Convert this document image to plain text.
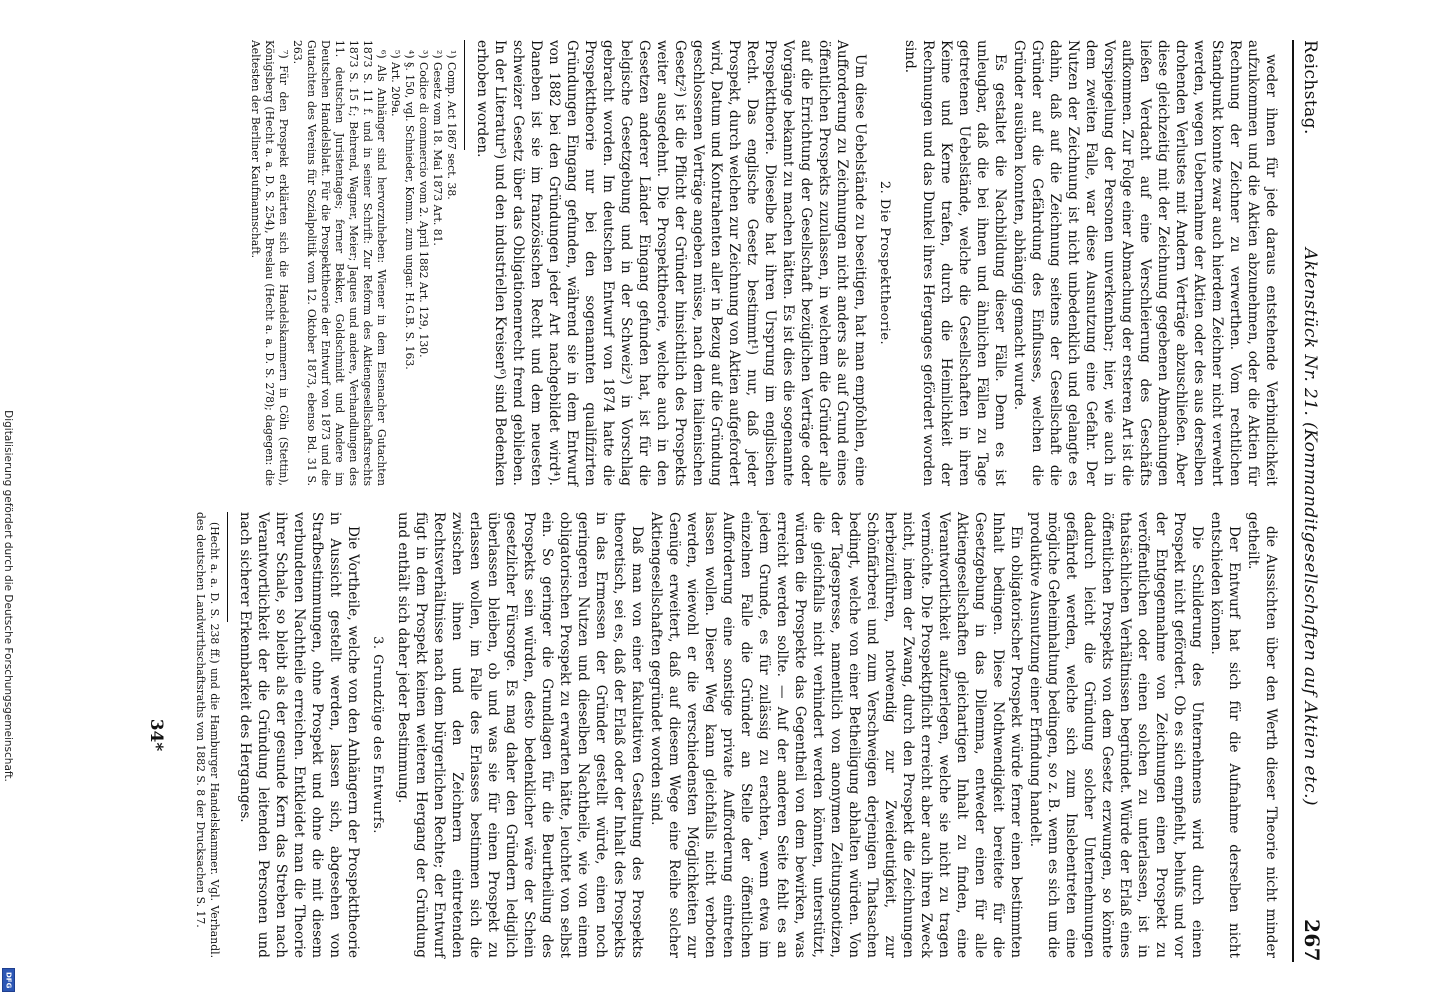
Digitalisierung gefördert durch die Deutsche Forschungsgemeinschaft.
DFG
Reichstag.
Aktenstück Nr. 21. (Kommanditgesellschaften auf Aktien etc.)
267

weder ihnen für jede daraus entstehende Verbindlichkeit aufzukommen und die Aktien abzunehmen, oder die Aktien für Rechnung der Zeichner zu verwerthen. Vom rechtlichen Standpunkt konnte zwar auch hierdem Zeichner nicht verwehrt werden, wegen Uebernahme der Aktien oder des aus derselben drohenden Verlustes mit Andern Verträge abzuschließen. Aber diese gleichzeitig mit der Zeichnung gegebenen Abmachungen ließen Verdacht auf eine Verschleierung des Geschäfts aufkommen. Zur Folge einer Abmachung der ersteren Art ist die Vorspiegelung der Personen unverkennbar; hier, wie auch in dem zweiten Falle, war diese Ausnutzung eine Gefahr. Der Nutzen der Zeichnung ist nicht unbedenklich und gelangte es dahin, daß auf die Zeichnung seitens der Gesellschaft die Gründer auf die Gefährdung des Einflusses, welchen die Gründer ausüben konnten, abhängig gemacht wurde.

Es gestaltet die Nachbildung dieser Fälle. Denn es ist unleugbar, daß die bei ihnen und ähnlichen Fällen zu Tage getretenen Uebelstände, welche die Gesellschaften in ihren Keime und Kerne trafen, durch die Heimlichkeit der Rechnungen und das Dunkel ihres Herganges gefördert worden sind.

2. Die Prospekttheorie.

Um diese Uebelstände zu beseitigen, hat man empfohlen, eine Aufforderung zu Zeichnungen nicht anders als auf Grund eines öffentlichen Prospekts zuzulassen, in welchem die Gründer alle auf die Errichtung der Gesellschaft bezüglichen Verträge oder Vorgänge bekannt zu machen hätten. Es ist dies die sogenannte Prospekttheorie. Dieselbe hat ihren Ursprung im englischen Recht. Das englische Gesetz bestimmt¹) nur, daß jeder Prospekt, durch welchen zur Zeichnung von Aktien aufgefordert wird, Datum und Kontrahenten aller in Bezug auf die Gründung geschlossenen Verträge angeben müsse, nach dem italienischen Gesetz²) ist die Pflicht der Gründer hinsichtlich des Prospekts weiter ausgedehnt. Die Prospekttheorie, welche auch in den Gesetzen anderer Länder Eingang gefunden hat, ist für die belgische Gesetzgebung und in der Schweiz³) in Vorschlag gebracht worden. Im deutschen Entwurf von 1874 hatte die Prospekttheorie nur bei den sogenannten qualifizirten Gründungen Eingang gefunden, während sie in dem Entwurf von 1882 bei den Gründungen jeder Art nachgebildet wird⁴). Daneben ist sie im französischen Recht und dem neuesten schweizer Gesetz über das Obligationenrecht fremd geblieben. In der Literatur⁵) und den industriellen Kreisen⁶) sind Bedenken erhoben worden.

¹) Comp. Act 1867 sect. 38.

²) Gesetz vom 18. Mai 1873 Art. 81.

³) Codice di commercio vom 2. April 1882 Art. 129, 130.

⁴) §. 150, vgl. Schnieder, Komm. zum ungar. H.G.B. S. 163.

⁵) Art. 209a.

⁶) Als Anhänger sind hervorzuheben: Wiener in dem Eisenacher Gutachten 1873 S. 11 f. und in seiner Schrift: Zur Reform des Aktiengesellschaftsrechts 1873 S. 15 f.; Behrend, Wagner, Meier; Jaques und andere, Verhandlungen des 11. deutschen Juristentages; ferner Bekker, Goldschmidt und Andere im Deutschen Handelsblatt. Für die Prospekttheorie der Entwurf von 1873 und die Gutachten des Vereins für Sozialpolitik vom 12. Oktober 1873, ebenso Bd. 31 S. 263.

⁷) Für den Prospekt erklärten sich die Handelskammern in Cöln (Stettin), Königsberg (Hecht a. a. D. S. 254), Breslau (Hecht a. a. D. S. 278); dagegen: die Aeltesten der Berliner Kaufmannschaft.

die Aussichten über den Werth dieser Theorie nicht minder getheilt.

Der Entwurf hat sich für die Aufnahme derselben nicht entschieden können.

Die Schilderung des Unternehmens wird durch einen Prospekt nicht gefördert. Ob es sich empfiehlt, behufs und vor der Entgegennahme von Zeichnungen einen Prospekt zu veröffentlichen oder einen solchen zu unterlassen, ist in thatsächlichen Verhältnissen begründet. Würde der Erlaß eines öffentlichen Prospekts von dem Gesetz erzwungen, so könnte dadurch leicht die Gründung solcher Unternehmungen gefährdet werden, welche sich zum Inslebentreten eine mögliche Geheimhaltung bedingen, so z. B. wenn es sich um die produktive Ausnutzung einer Erfindung handelt.

Ein obligatorischer Prospekt würde ferner einen bestimmten Inhalt bedingen. Diese Nothwendigkeit bereitete für die Gesetzgebung in das Dilemma, entweder einen für alle Aktiengesellschaften gleichartigen Inhalt zu finden, eine Verantwortlichkeit aufzuerlegen, welche sie nicht zu tragen vermöchte. Die Prospektpflicht erreicht aber auch ihren Zweck nicht, indem der Zwang, durch den Prospekt die Zeichnungen herbeizuführen, notwendig zur Zweideutigkeit, zur Schönfärberei und zum Verschweigen derjenigen Thatsachen bedingt, welche von einer Betheiligung abhalten würden. Von der Tagespresse, namentlich von anonymen Zeitungsnotizen, die gleichfalls nicht verhindert werden könnten, unterstützt, würden die Prospekte das Gegentheil von dem bewirken, was erreicht werden sollte. — Auf der anderen Seite fehlt es an jedem Grunde, es für zulässig zu erachten, wenn etwa im einzelnen Falle die Gründer an Stelle der öffentlichen Aufforderung eine sonstige private Aufforderung eintreten lassen wollen. Dieser Weg kann gleichfalls nicht verboten werden, wiewohl er die verschiedensten Möglichkeiten zur Genüge erweitert, daß auf diesem Wege eine Reihe solcher Aktiengesellschaften gegründet worden sind.

Daß man von einer fakultativen Gestaltung des Prospekts theoretisch, sei es, daß der Erlaß oder der Inhalt des Prospekts in das Ermessen der Gründer gestellt würde, einen noch geringeren Nutzen und dieselben Nachtheile, wie von einem obligatorischen Prospekt zu erwarten hätte, leuchtet von selbst ein. So geringer die Grundlagen für die Beurtheilung des Prospekts sein würden, desto bedenklicher wäre der Schein gesetzlicher Fürsorge. Es mag daher den Gründern lediglich überlassen bleiben, ob und was sie für einen Prospekt zu erlassen wollen, im Falle des Erlasses bestimmen sich die zwischen ihnen und den Zeichnern eintretenden Rechtsverhältnisse nach dem bürgerlichen Rechte; der Entwurf fügt in dem Prospekt keinen weiteren Hergang der Gründung und enthält sich daher jeder Bestimmung.

3. Grundzüge des Entwurfs.

Die Vortheile, welche von den Anhängern der Prospekttheorie in Aussicht gestellt werden, lassen sich, abgesehen von Strafbestimmungen, ohne Prospekt und ohne die mit diesem verbundenen Nachtheile erreichen. Entkleidet man die Theorie ihrer Schale, so bleibt als der gesunde Kern das Streben nach Verantwortlichkeit der die Gründung leitenden Personen und nach sicherer Erkennbarkeit des Herganges.

(Hecht a. a. D. S. 238 ff.) und die Hamburger Handelskammer. Vgl. Verhandl. des deutschen Landwirthschaftsraths von 1882 S. 8 der Drucksachen S. 17.

34*
